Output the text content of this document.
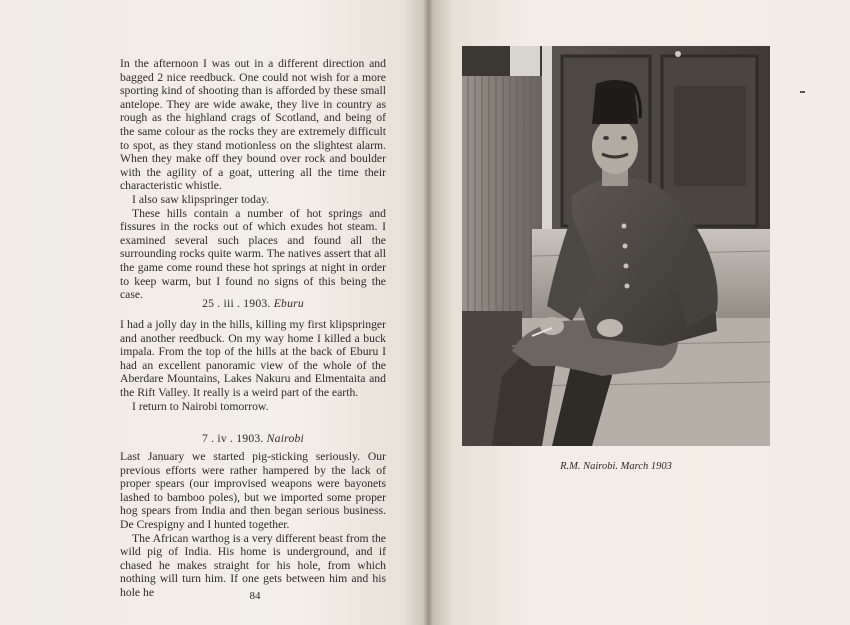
In the afternoon I was out in a different direction and bagged 2 nice reedbuck. One could not wish for a more sporting kind of shooting than is afforded by these small antelope. They are wide awake, they live in country as rough as the highland crags of Scotland, and being of the same colour as the rocks they are extremely difficult to spot, as they stand motionless on the slightest alarm. When they make off they bound over rock and boulder with the agility of a goat, uttering all the time their characteristic whistle.

I also saw klipspringer today.

These hills contain a number of hot springs and fissures in the rocks out of which exudes hot steam. I examined several such places and found all the surrounding rocks quite warm. The natives assert that all the game come round these hot springs at night in order to keep warm, but I found no signs of this being the case.

25 . iii . 1903. Eburu

I had a jolly day in the hills, killing my first klipspringer and another reedbuck. On my way home I killed a buck impala. From the top of the hills at the back of Eburu I had an excellent panoramic view of the whole of the Aberdare Mountains, Lakes Nakuru and Elmentaita and the Rift Valley. It really is a weird part of the earth.

I return to Nairobi tomorrow.

7 . iv . 1903. Nairobi

Last January we started pig-sticking seriously. Our previous efforts were rather hampered by the lack of proper spears (our improvised weapons were bayonets lashed to bamboo poles), but we imported some proper hog spears from India and then began serious business. De Crespigny and I hunted together.

The African warthog is a very different beast from the wild pig of India. His home is underground, and if chased he makes straight for his hole, from which nothing will turn him. If one gets between him and his hole he	84
R.M. Nairobi. March 1903
